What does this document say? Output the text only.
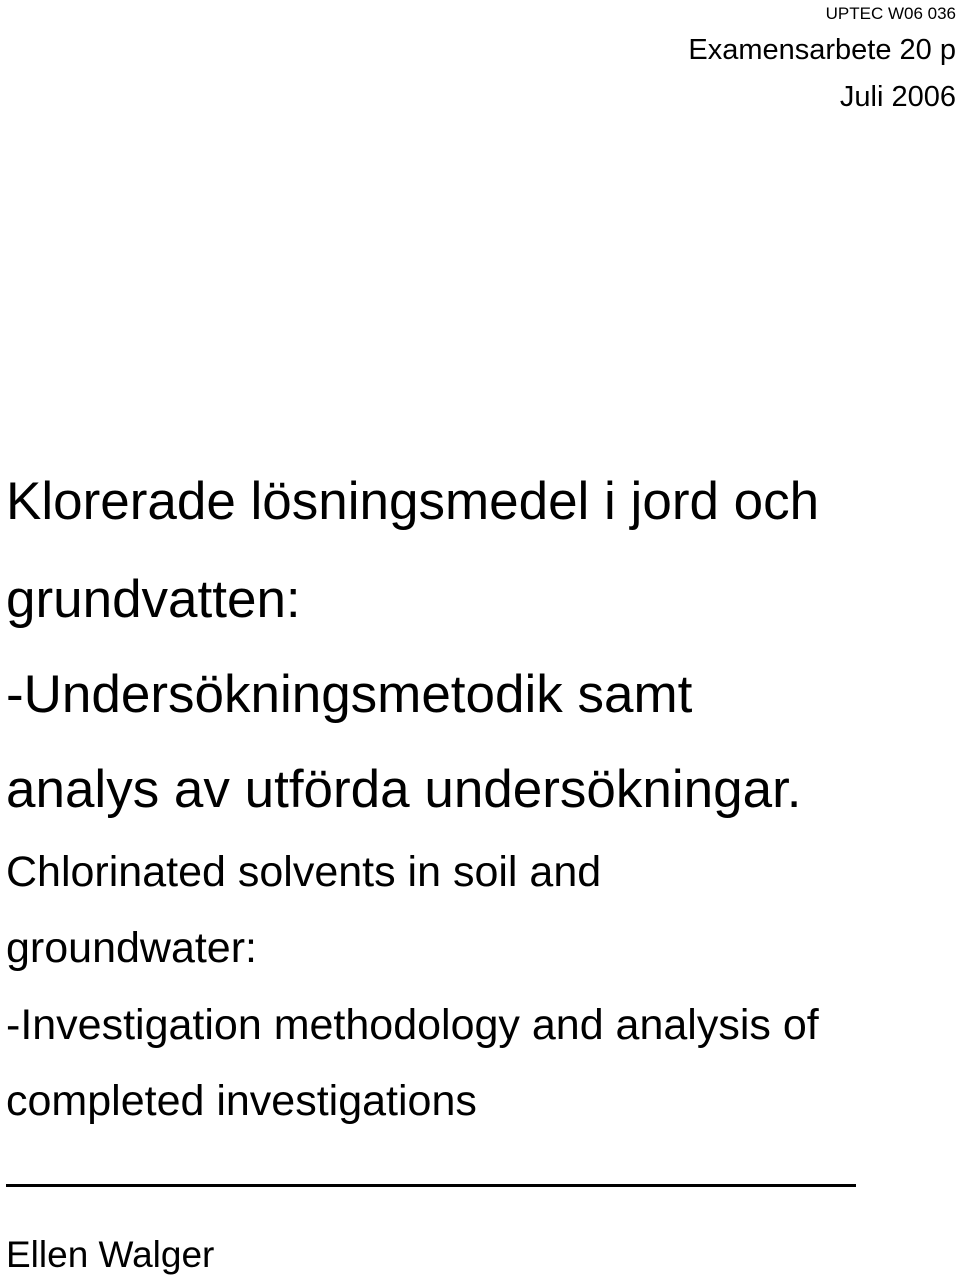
UPTEC W06 036
Examensarbete 20 p
Juli 2006
Klorerade lösningsmedel i jord och
grundvatten:
-Undersökningsmetodik samt
analys av utförda undersökningar.
Chlorinated solvents in soil and
groundwater:
-Investigation methodology and analysis of
completed investigations
Ellen Walger
